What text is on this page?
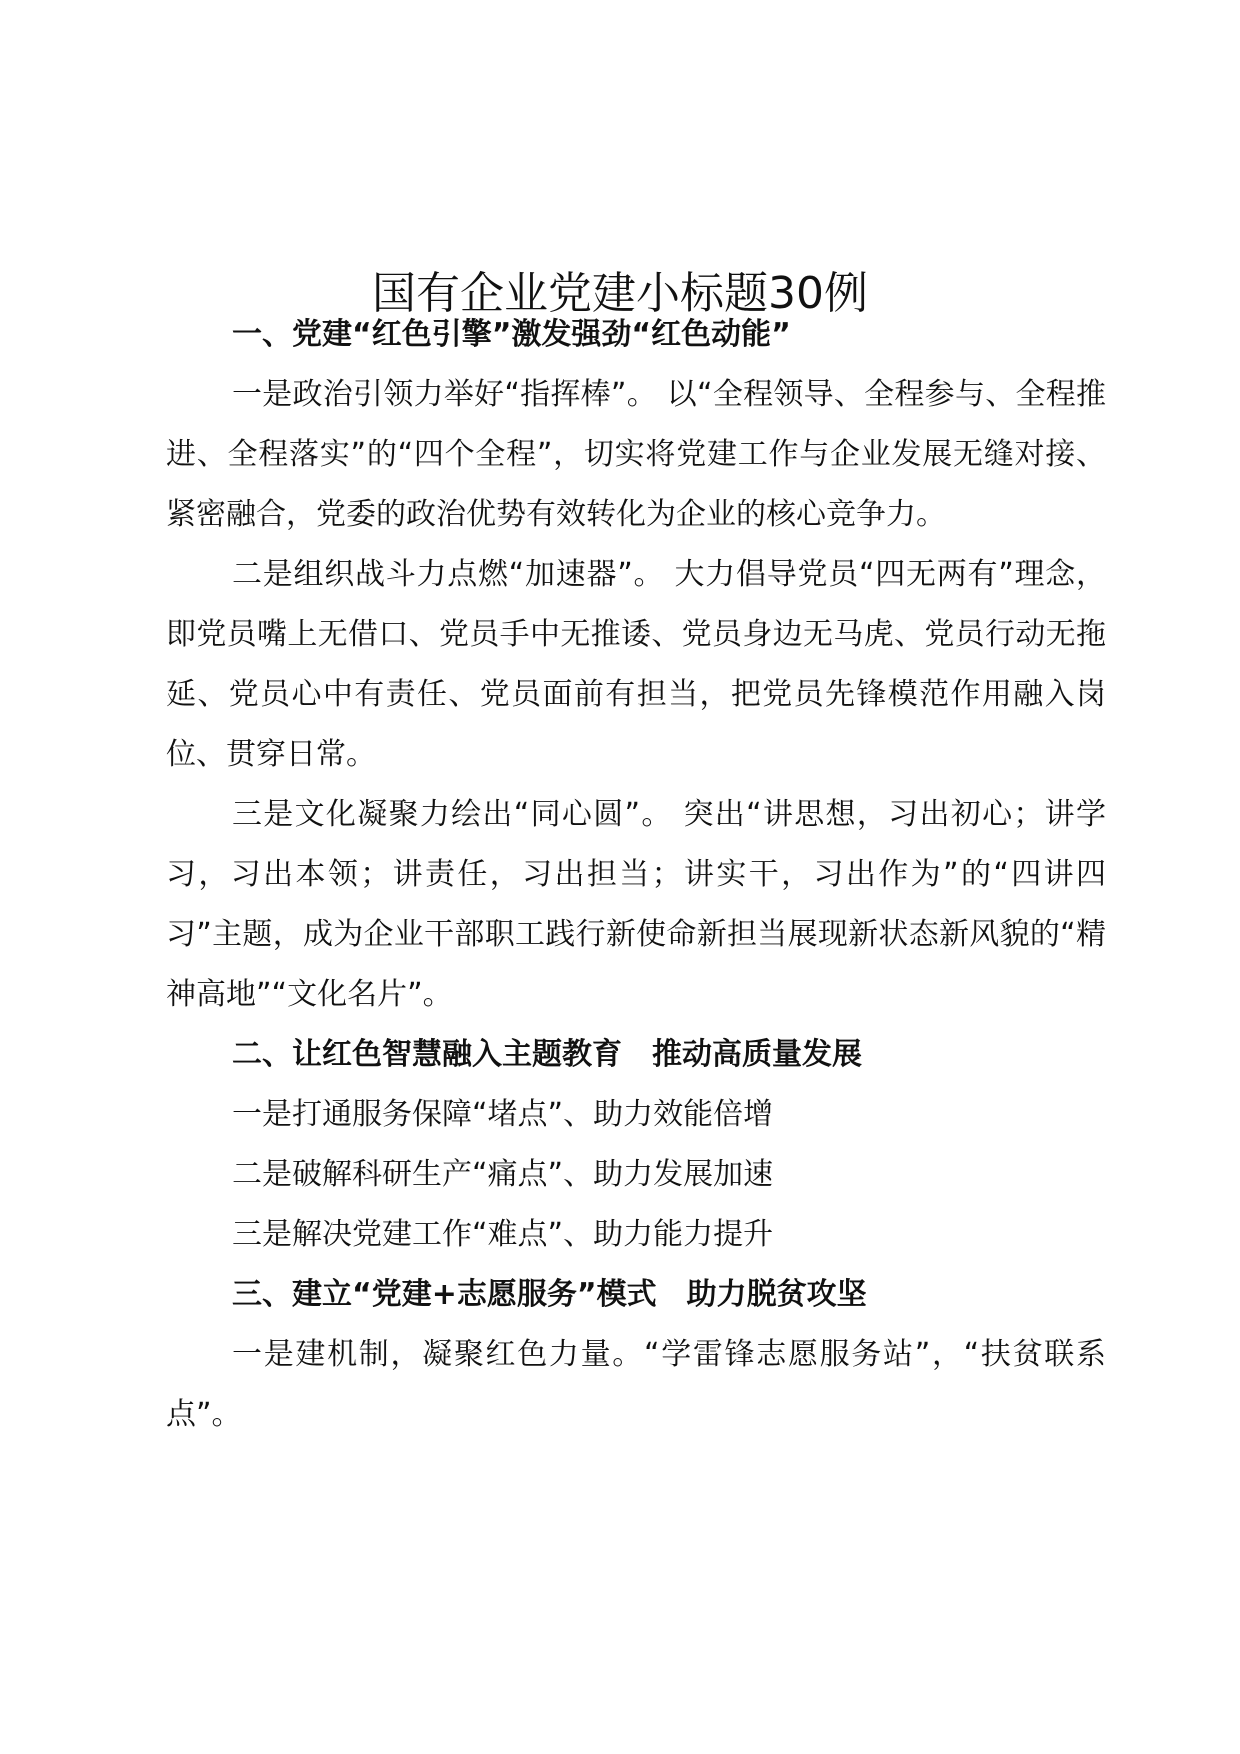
国有企业党建小标题30例

一、党建“红色引擎”激发强劲“红色动能”

一是政治引领力举好“指挥棒”。 以“全程领导、全程参与、全程推进、全程落实”的“四个全程”，切实将党建工作与企业发展无缝对接、紧密融合，党委的政治优势有效转化为企业的核心竞争力。

二是组织战斗力点燃“加速器”。 大力倡导党员“四无两有”理念，即党员嘴上无借口、党员手中无推诿、党员身边无马虎、党员行动无拖延、党员心中有责任、党员面前有担当，把党员先锋模范作用融入岗位、贯穿日常。

三是文化凝聚力绘出“同心圆”。 突出“讲思想，习出初心；讲学习，习出本领；讲责任，习出担当；讲实干，习出作为”的“四讲四习”主题，成为企业干部职工践行新使命新担当展现新状态新风貌的“精神高地”“文化名片”。

二、让红色智慧融入主题教育　推动高质量发展

一是打通服务保障“堵点”、助力效能倍增

二是破解科研生产“痛点”、助力发展加速

三是解决党建工作“难点”、助力能力提升

三、建立“党建+志愿服务”模式　助力脱贫攻坚

一是建机制，凝聚红色力量。“学雷锋志愿服务站”，“扶贫联系点”。
